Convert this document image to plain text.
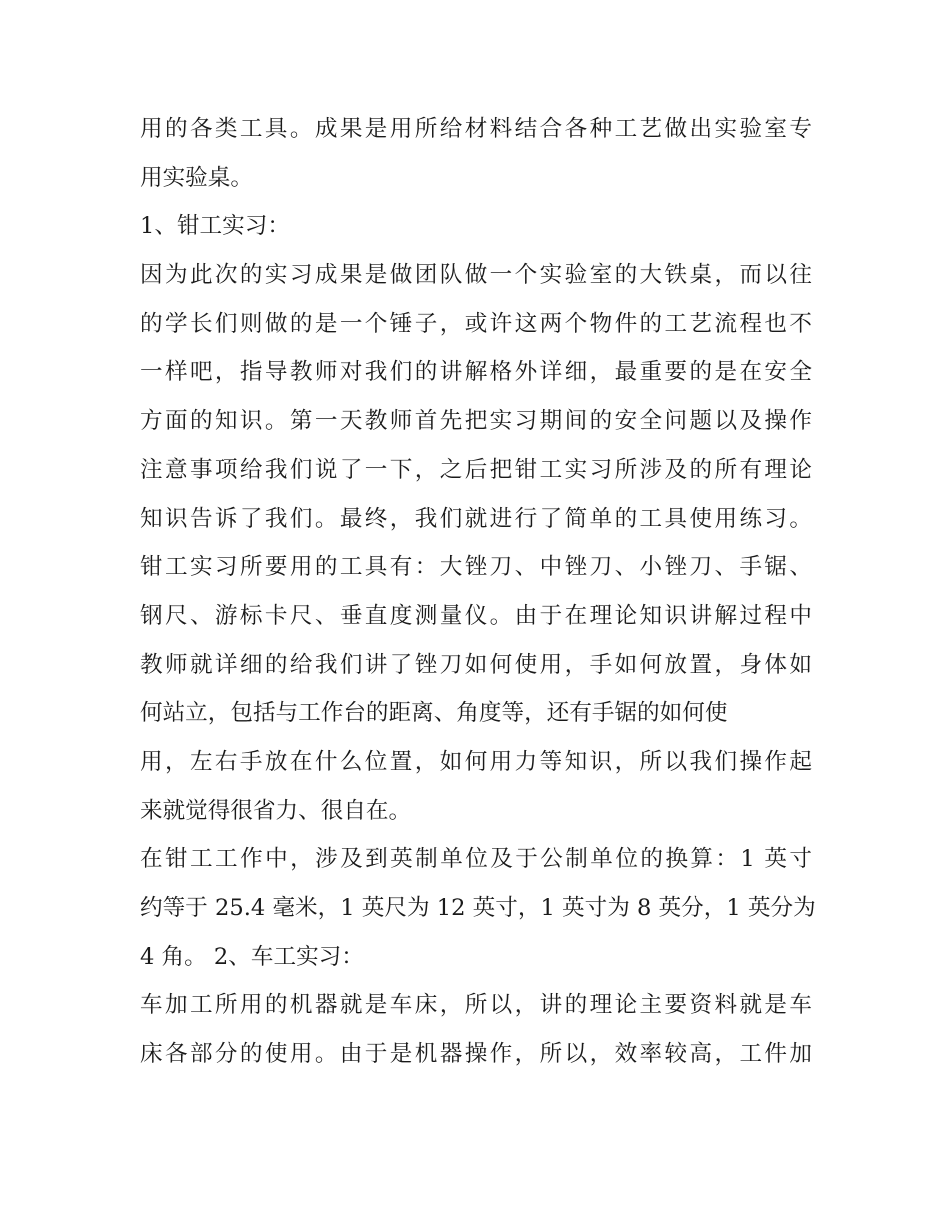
用的各类工具。成果是用所给材料结合各种工艺做出实验室专
用实验桌。
1、钳工实习：
因为此次的实习成果是做团队做一个实验室的大铁桌，而以往
的学长们则做的是一个锤子，或许这两个物件的工艺流程也不
一样吧，指导教师对我们的讲解格外详细，最重要的是在安全
方面的知识。第一天教师首先把实习期间的安全问题以及操作
注意事项给我们说了一下，之后把钳工实习所涉及的所有理论
知识告诉了我们。最终，我们就进行了简单的工具使用练习。
钳工实习所要用的工具有：大锉刀、中锉刀、小锉刀、手锯、
钢尺、游标卡尺、垂直度测量仪。由于在理论知识讲解过程中
教师就详细的给我们讲了锉刀如何使用，手如何放置，身体如
何站立，包括与工作台的距离、角度等，还有手锯的如何使
用，左右手放在什么位置，如何用力等知识，所以我们操作起
来就觉得很省力、很自在。
在钳工工作中，涉及到英制单位及于公制单位的换算：1 英寸
约等于 25.4 毫米，1 英尺为 12 英寸，1 英寸为 8 英分，1 英分为
4 角。 2、车工实习：
车加工所用的机器就是车床，所以，讲的理论主要资料就是车
床各部分的使用。由于是机器操作，所以，效率较高，工件加
